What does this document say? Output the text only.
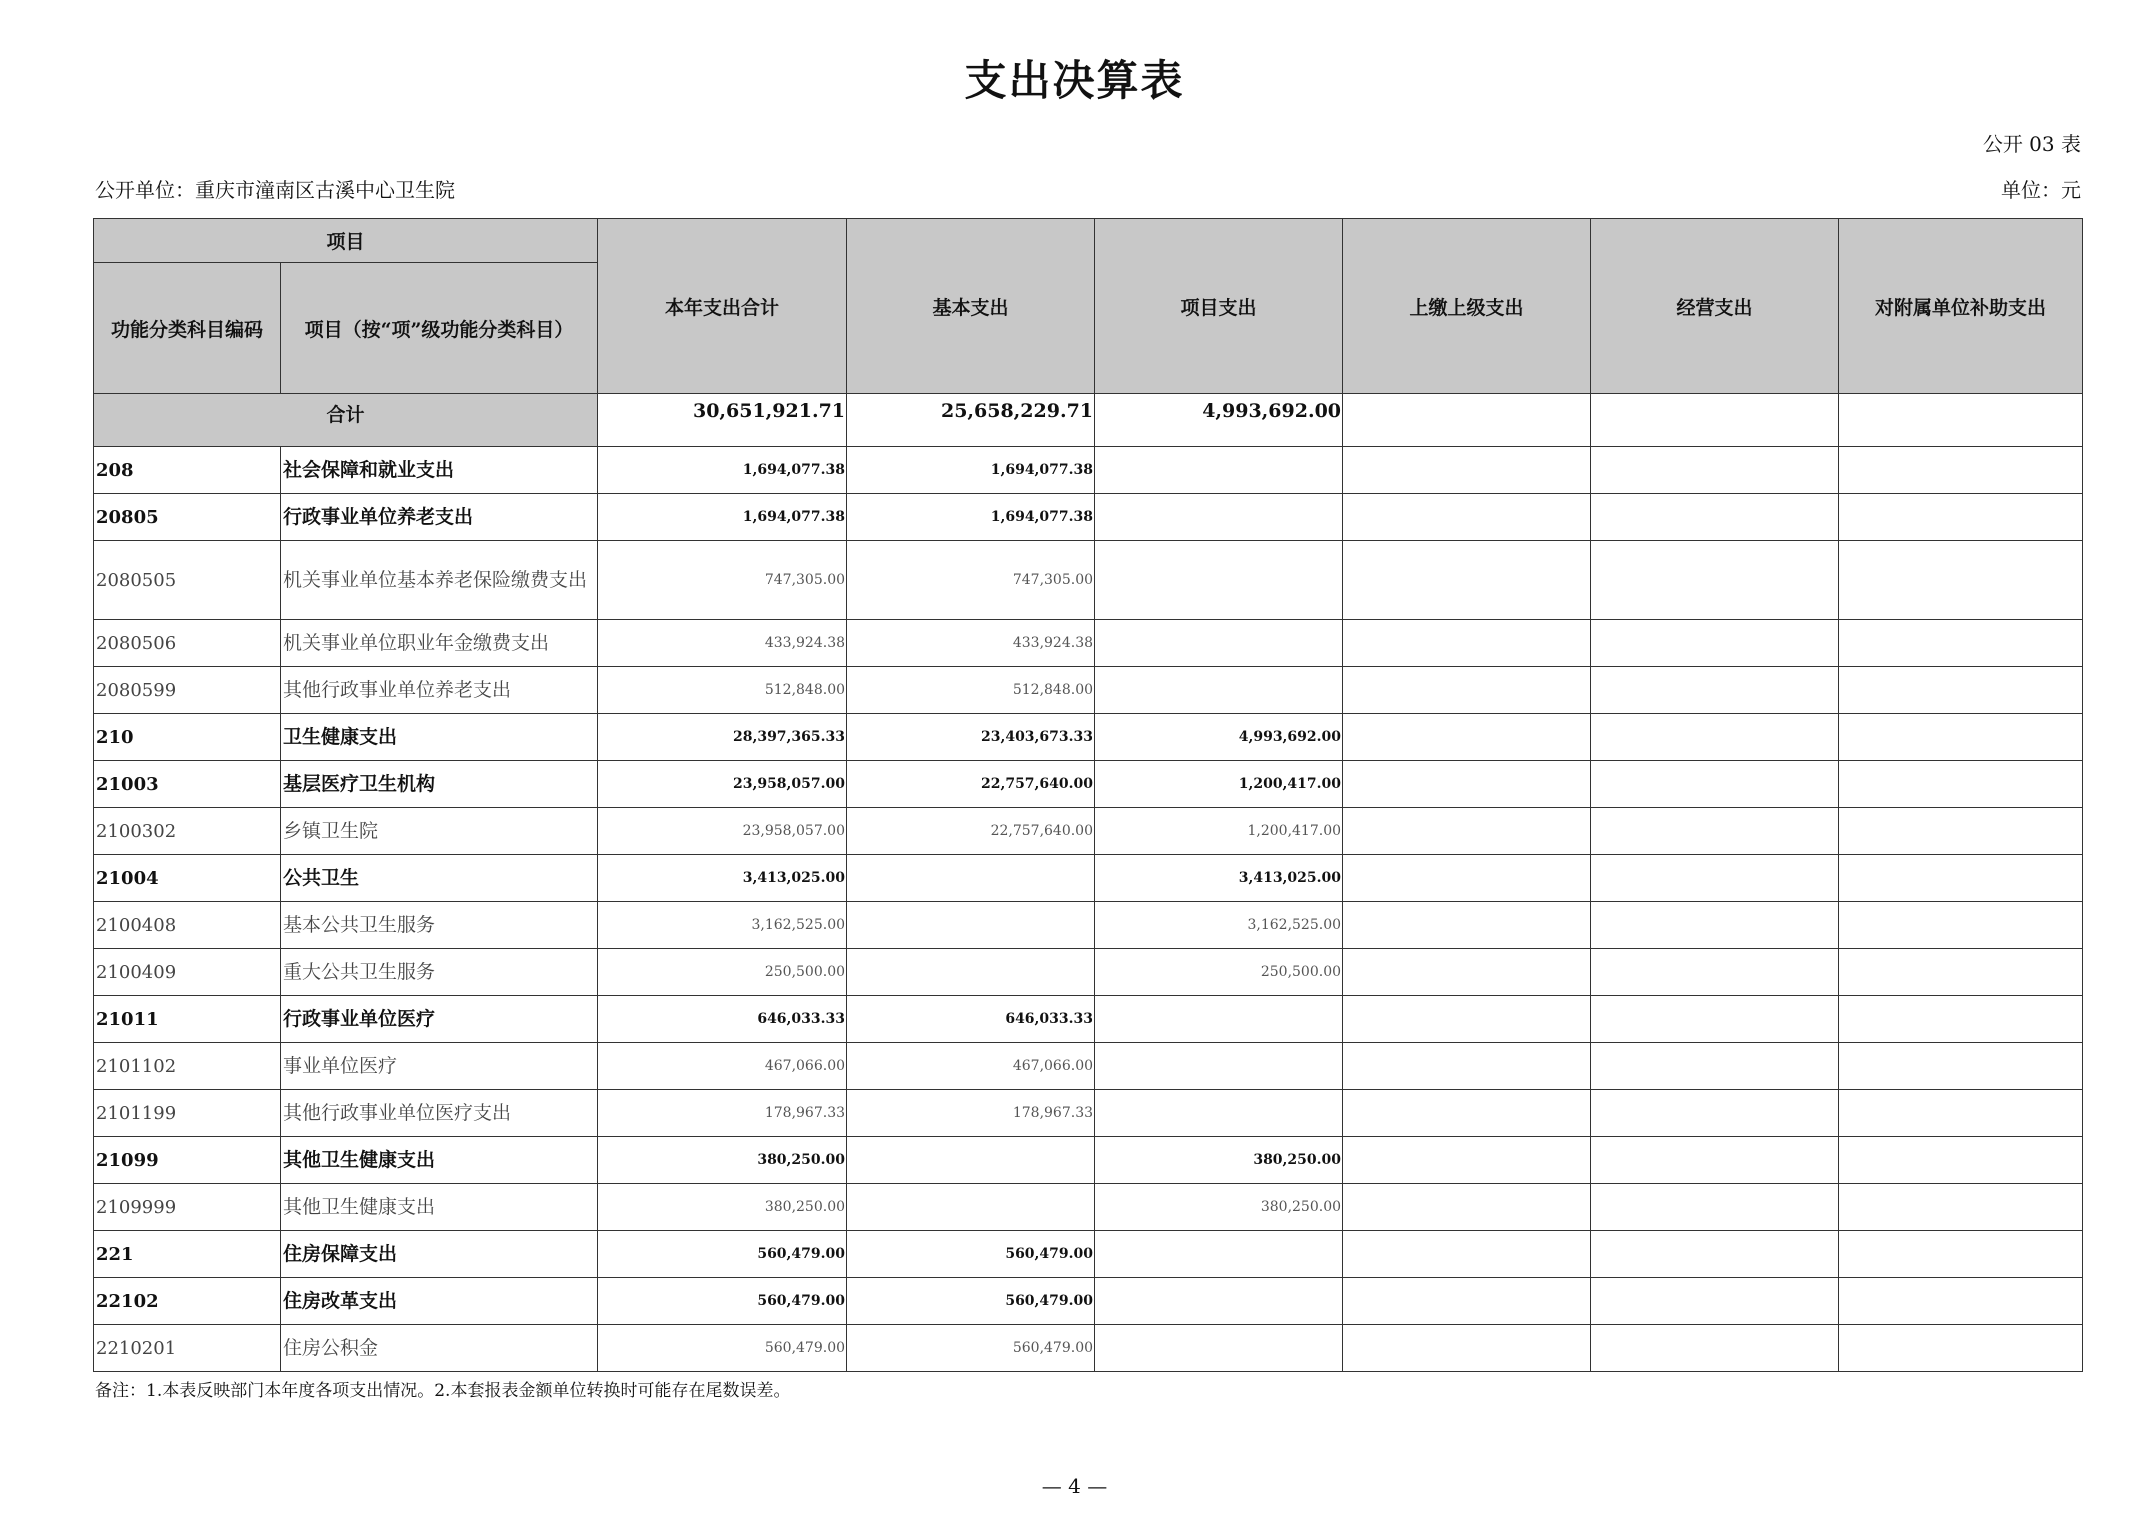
支出决算表
公开 03 表
公开单位：重庆市潼南区古溪中心卫生院	单位：元
项目		本年支出合计	基本支出	项目支出	上缴上级支出	经营支出	对附属单位补助支出
功能分类科目编码	项目（按“项”级功能分类科目）						
合计		30,651,921.71	25,658,229.71	4,993,692.00			
208	社会保障和就业支出	1,694,077.38	1,694,077.38				
20805	行政事业单位养老支出	1,694,077.38	1,694,077.38				
2080505	机关事业单位基本养老保险缴费支出	747,305.00	747,305.00				
2080506	机关事业单位职业年金缴费支出	433,924.38	433,924.38				
2080599	其他行政事业单位养老支出	512,848.00	512,848.00				
210	卫生健康支出	28,397,365.33	23,403,673.33	4,993,692.00			
21003	基层医疗卫生机构	23,958,057.00	22,757,640.00	1,200,417.00			
2100302	乡镇卫生院	23,958,057.00	22,757,640.00	1,200,417.00			
21004	公共卫生	3,413,025.00		3,413,025.00			
2100408	基本公共卫生服务	3,162,525.00		3,162,525.00			
2100409	重大公共卫生服务	250,500.00		250,500.00			
21011	行政事业单位医疗	646,033.33	646,033.33				
2101102	事业单位医疗	467,066.00	467,066.00				
2101199	其他行政事业单位医疗支出	178,967.33	178,967.33				
21099	其他卫生健康支出	380,250.00		380,250.00			
2109999	其他卫生健康支出	380,250.00		380,250.00			
221	住房保障支出	560,479.00	560,479.00				
22102	住房改革支出	560,479.00	560,479.00				
2210201	住房公积金	560,479.00	560,479.00				
备注：1.本表反映部门本年度各项支出情况。2.本套报表金额单位转换时可能存在尾数误差。
— 4 —
